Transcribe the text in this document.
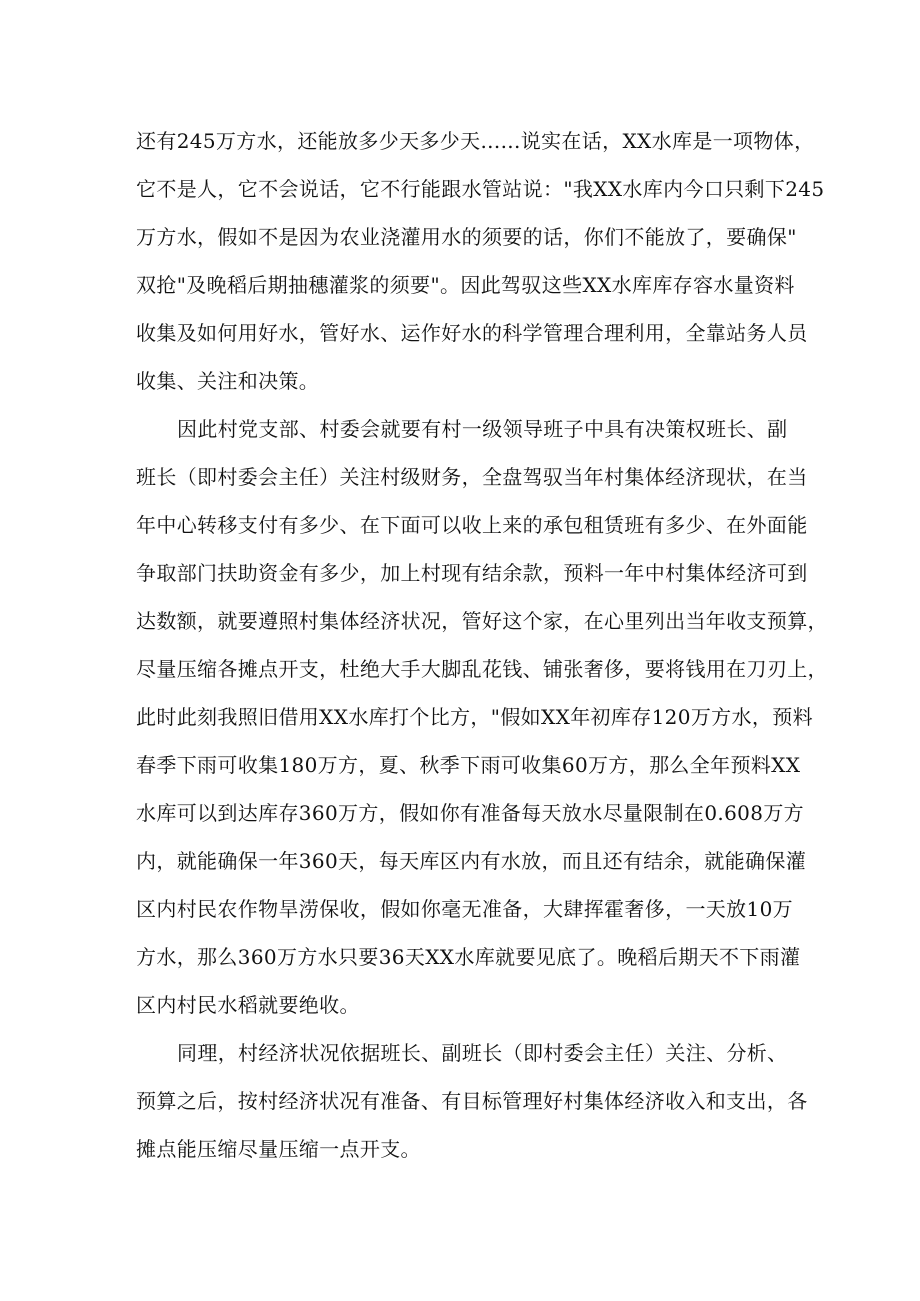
还有245万方水，还能放多少天多少天......说实在话，XX水库是一项物体，
它不是人，它不会说话，它不行能跟水管站说："我XX水库内今口只剩下245
万方水，假如不是因为农业浇灌用水的须要的话，你们不能放了，要确保"
双抢"及晚稻后期抽穗灌浆的须要"。因此驾驭这些XX水库库存容水量资料
收集及如何用好水，管好水、运作好水的科学管理合理利用，全靠站务人员
收集、关注和决策。
因此村党支部、村委会就要有村一级领导班子中具有决策权班长、副
班长（即村委会主任）关注村级财务，全盘驾驭当年村集体经济现状，在当
年中心转移支付有多少、在下面可以收上来的承包租赁班有多少、在外面能
争取部门扶助资金有多少，加上村现有结余款，预料一年中村集体经济可到
达数额，就要遵照村集体经济状况，管好这个家，在心里列出当年收支预算，
尽量压缩各摊点开支，杜绝大手大脚乱花钱、铺张奢侈，要将钱用在刀刃上，
此时此刻我照旧借用XX水库打个比方，"假如XX年初库存120万方水，预料
春季下雨可收集180万方，夏、秋季下雨可收集60万方，那么全年预料XX
水库可以到达库存360万方，假如你有准备每天放水尽量限制在0.608万方
内，就能确保一年360天，每天库区内有水放，而且还有结余，就能确保灌
区内村民农作物旱涝保收，假如你毫无准备，大肆挥霍奢侈，一天放10万
方水，那么360万方水只要36天XX水库就要见底了。晚稻后期天不下雨灌
区内村民水稻就要绝收。
同理，村经济状况依据班长、副班长（即村委会主任）关注、分析、
预算之后，按村经济状况有准备、有目标管理好村集体经济收入和支出，各
摊点能压缩尽量压缩一点开支。
